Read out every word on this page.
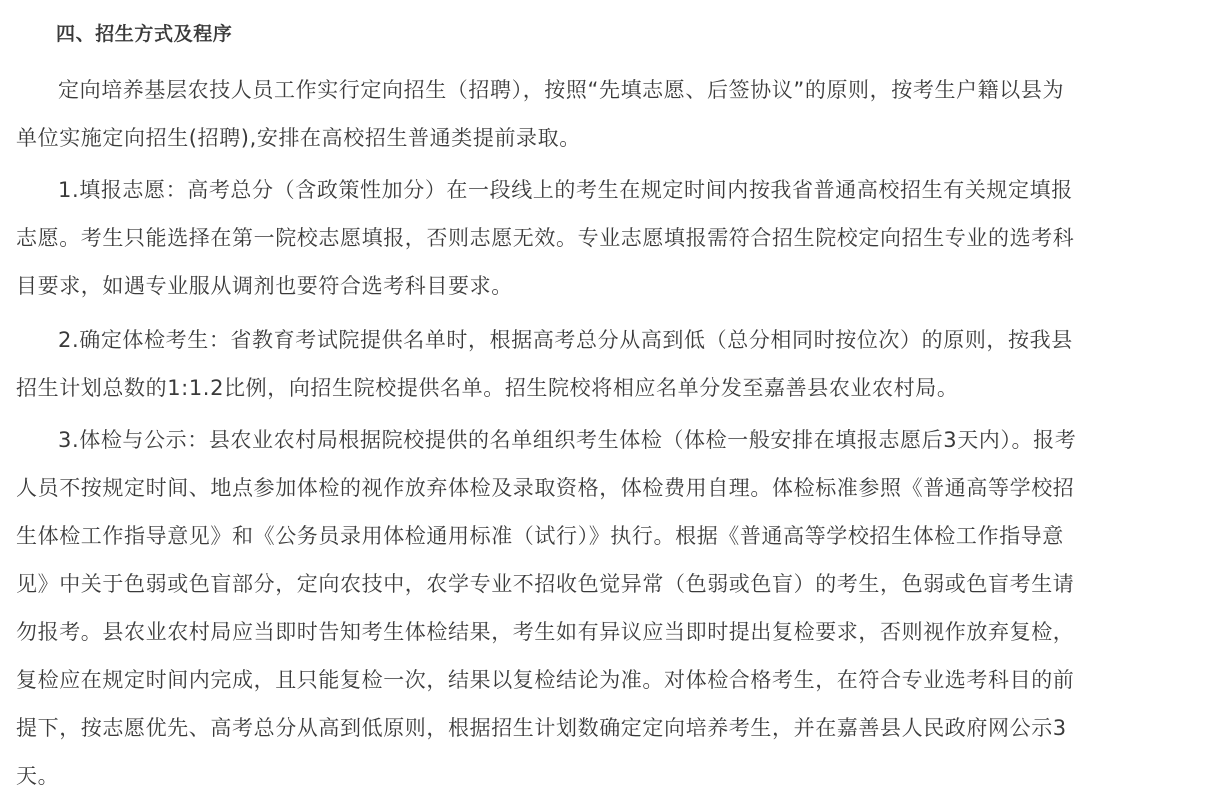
四、招生方式及程序

定向培养基层农技人员工作实行定向招生（招聘），按照“先填志愿、后签协议”的原则，按考生户籍以县为
单位实施定向招生(招聘),安排在高校招生普通类提前录取。

1.填报志愿：高考总分（含政策性加分）在一段线上的考生在规定时间内按我省普通高校招生有关规定填报
志愿。考生只能选择在第一院校志愿填报，否则志愿无效。专业志愿填报需符合招生院校定向招生专业的选考科
目要求，如遇专业服从调剂也要符合选考科目要求。

2.确定体检考生：省教育考试院提供名单时，根据高考总分从高到低（总分相同时按位次）的原则，按我县
招生计划总数的1:1.2比例，向招生院校提供名单。招生院校将相应名单分发至嘉善县农业农村局。

3.体检与公示：县农业农村局根据院校提供的名单组织考生体检（体检一般安排在填报志愿后3天内）。报考
人员不按规定时间、地点参加体检的视作放弃体检及录取资格，体检费用自理。体检标准参照《普通高等学校招
生体检工作指导意见》和《公务员录用体检通用标准（试行）》执行。根据《普通高等学校招生体检工作指导意
见》中关于色弱或色盲部分，定向农技中，农学专业不招收色觉异常（色弱或色盲）的考生，色弱或色盲考生请
勿报考。县农业农村局应当即时告知考生体检结果，考生如有异议应当即时提出复检要求，否则视作放弃复检，
复检应在规定时间内完成，且只能复检一次，结果以复检结论为准。对体检合格考生，在符合专业选考科目的前
提下，按志愿优先、高考总分从高到低原则，根据招生计划数确定定向培养考生，并在嘉善县人民政府网公示3
天。
